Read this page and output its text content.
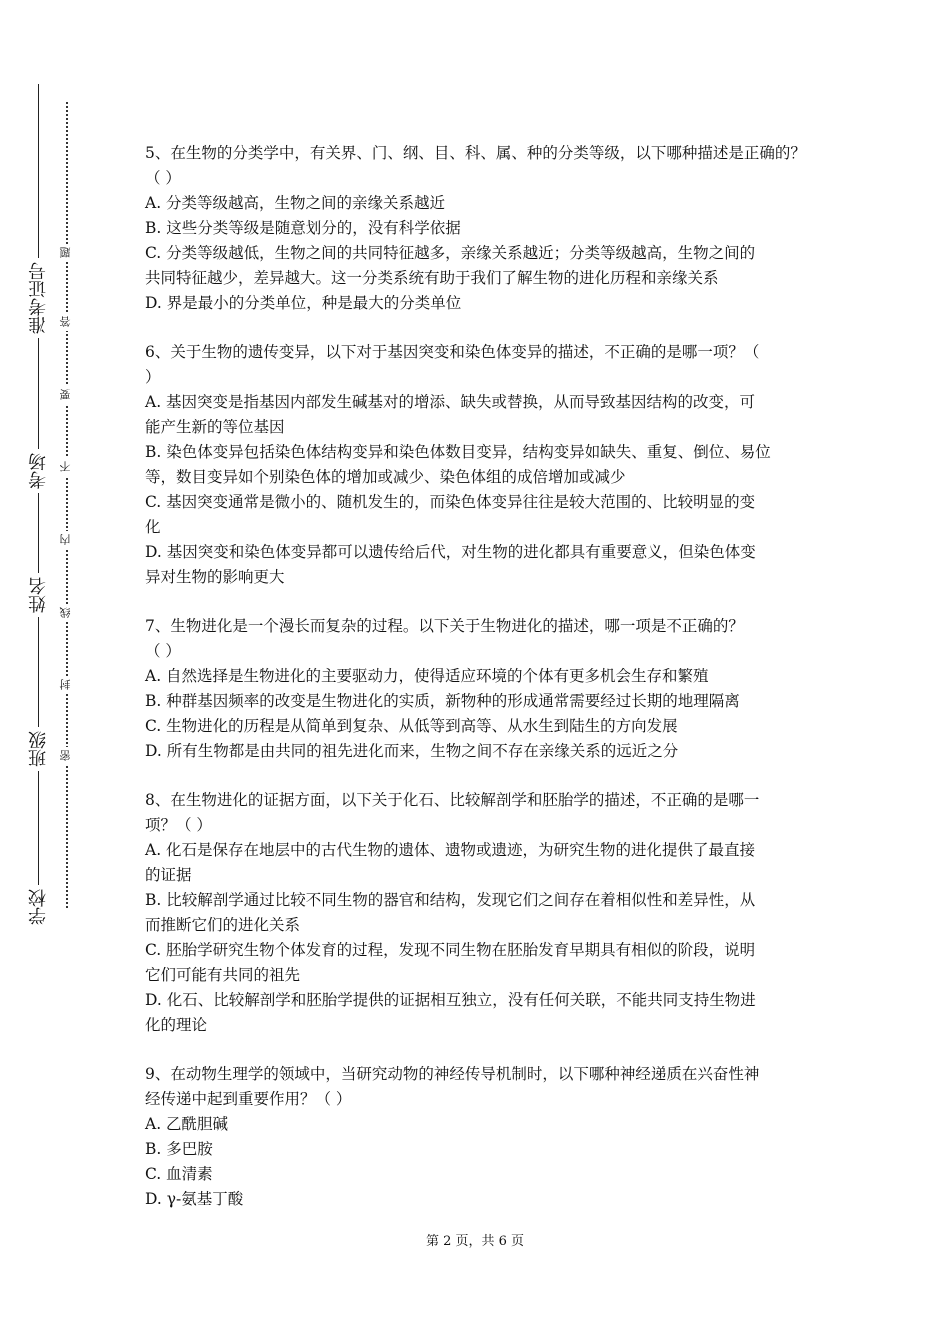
准考证号
考场
姓名
班级
学校
题
答
要
不
内
线
封
密
5、在生物的分类学中，有关界、门、纲、目、科、属、种的分类等级，以下哪种描述是正确的？
（ ）
A. 分类等级越高，生物之间的亲缘关系越近
B. 这些分类等级是随意划分的，没有科学依据
C. 分类等级越低，生物之间的共同特征越多，亲缘关系越近；分类等级越高，生物之间的
共同特征越少，差异越大。这一分类系统有助于我们了解生物的进化历程和亲缘关系
D. 界是最小的分类单位，种是最大的分类单位
6、关于生物的遗传变异，以下对于基因突变和染色体变异的描述，不正确的是哪一项？（
）
A. 基因突变是指基因内部发生碱基对的增添、缺失或替换，从而导致基因结构的改变，可
能产生新的等位基因
B. 染色体变异包括染色体结构变异和染色体数目变异，结构变异如缺失、重复、倒位、易位
等，数目变异如个别染色体的增加或减少、染色体组的成倍增加或减少
C. 基因突变通常是微小的、随机发生的，而染色体变异往往是较大范围的、比较明显的变
化
D. 基因突变和染色体变异都可以遗传给后代，对生物的进化都具有重要意义，但染色体变
异对生物的影响更大
7、生物进化是一个漫长而复杂的过程。以下关于生物进化的描述，哪一项是不正确的？
（ ）
A. 自然选择是生物进化的主要驱动力，使得适应环境的个体有更多机会生存和繁殖
B. 种群基因频率的改变是生物进化的实质，新物种的形成通常需要经过长期的地理隔离
C. 生物进化的历程是从简单到复杂、从低等到高等、从水生到陆生的方向发展
D. 所有生物都是由共同的祖先进化而来，生物之间不存在亲缘关系的远近之分
8、在生物进化的证据方面，以下关于化石、比较解剖学和胚胎学的描述，不正确的是哪一
项？（ ）
A. 化石是保存在地层中的古代生物的遗体、遗物或遗迹，为研究生物的进化提供了最直接
的证据
B. 比较解剖学通过比较不同生物的器官和结构，发现它们之间存在着相似性和差异性，从
而推断它们的进化关系
C. 胚胎学研究生物个体发育的过程，发现不同生物在胚胎发育早期具有相似的阶段，说明
它们可能有共同的祖先
D. 化石、比较解剖学和胚胎学提供的证据相互独立，没有任何关联，不能共同支持生物进
化的理论
9、在动物生理学的领域中，当研究动物的神经传导机制时，以下哪种神经递质在兴奋性神
经传递中起到重要作用？（ ）
A. 乙酰胆碱
B. 多巴胺
C. 血清素
D. γ-氨基丁酸
第 2 页，共 6 页
